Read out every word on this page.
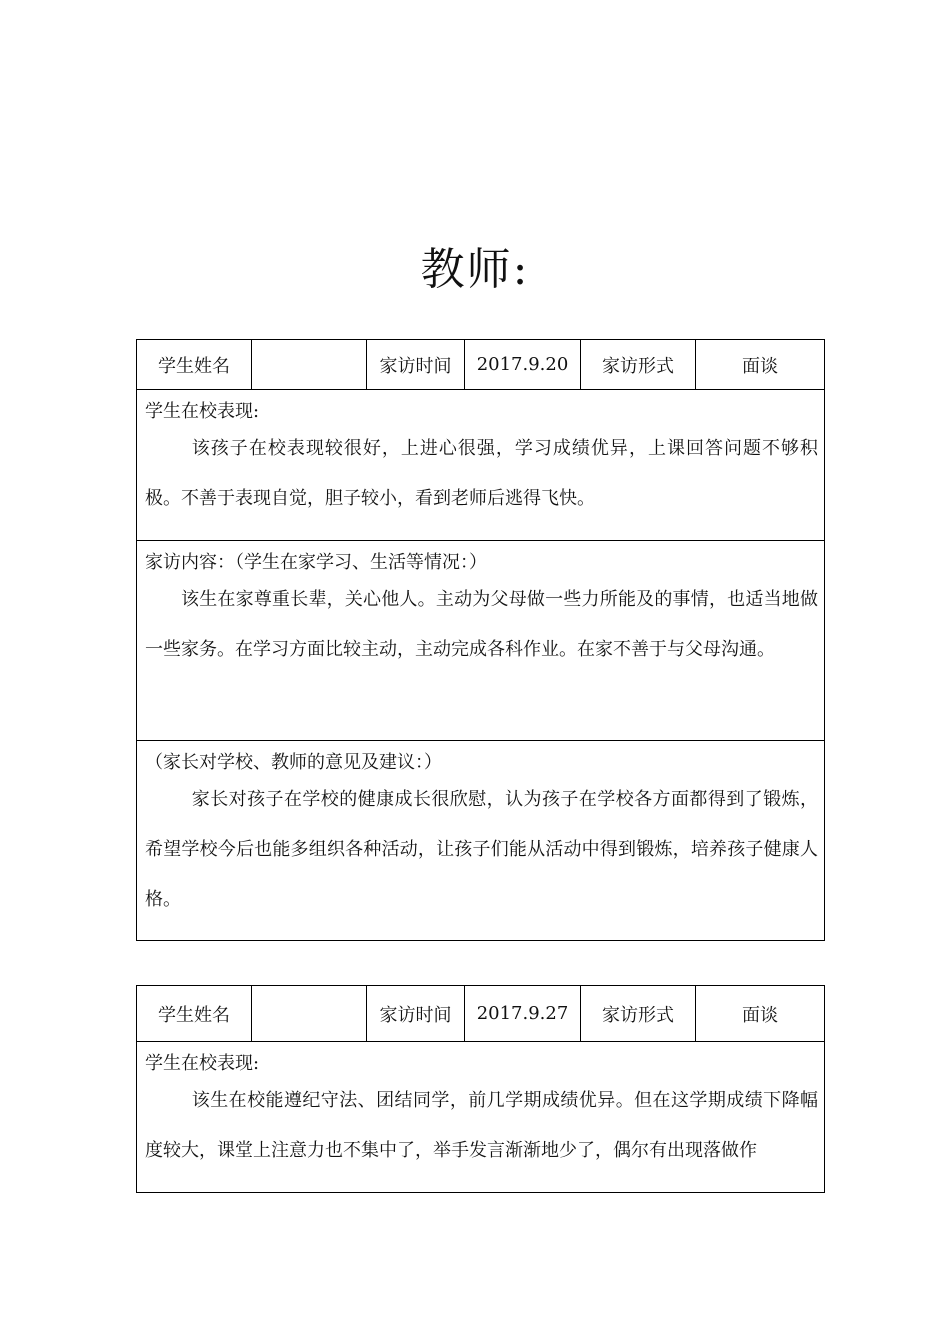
教师:
学生姓名		家访时间	2017.9.20	家访形式	面谈

学生在校表现:
该孩子在校表现较很好，上进心很强，学习成绩优异，上课回答问题不够积极。不善于表现自觉，胆子较小，看到老师后逃得飞快。

家访内容：（学生在家学习、生活等情况：）
该生在家尊重长辈，关心他人。主动为父母做一些力所能及的事情，也适当地做一些家务。在学习方面比较主动，主动完成各科作业。在家不善于与父母沟通。

（家长对学校、教师的意见及建议：）
家长对孩子在学校的健康成长很欣慰，认为孩子在学校各方面都得到了锻炼，希望学校今后也能多组织各种活动，让孩子们能从活动中得到锻炼，培养孩子健康人格。
学生姓名		家访时间	2017.9.27	家访形式	面谈

学生在校表现:
该生在校能遵纪守法、团结同学，前几学期成绩优异。但在这学期成绩下降幅度较大，课堂上注意力也不集中了，举手发言渐渐地少了，偶尔有出现落做作
